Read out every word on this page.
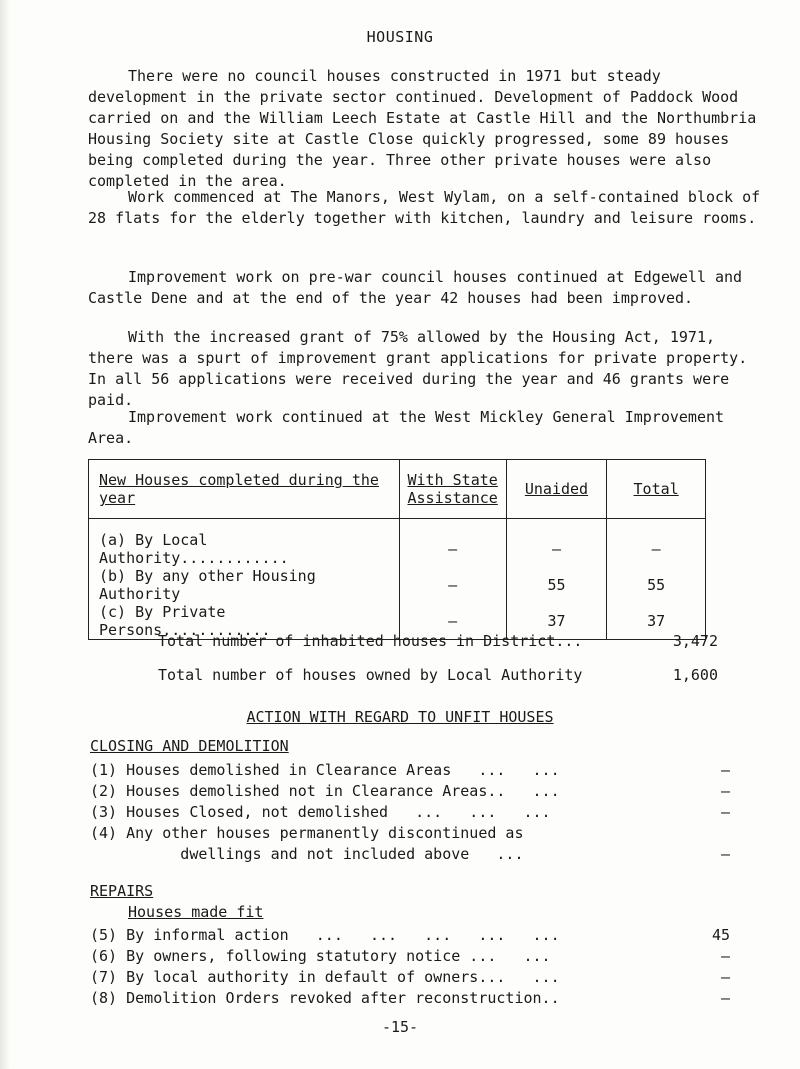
HOUSING

There were no council houses constructed in 1971 but steady development in the private sector continued. Development of Paddock Wood carried on and the William Leech Estate at Castle Hill and the Northumbria Housing Society site at Castle Close quickly progressed, some 89 houses being completed during the year. Three other private houses were also completed in the area.

Work commenced at The Manors, West Wylam, on a self-contained block of 28 flats for the elderly together with kitchen, laundry and leisure rooms.

Improvement work on pre-war council houses continued at Edgewell and Castle Dene and at the end of the year 42 houses had been improved.

With the increased grant of 75% allowed by the Housing Act, 1971, there was a spurt of improvement grant applications for private property. In all 56 applications were received during the year and 46 grants were paid.

Improvement work continued at the West Mickley General Improvement Area.

New Houses completed during the year	With State Assistance	Unaided	Total
(a) By Local Authority............	–	–	–
(b) By any other Housing Authority	–	55	55
(c) By Private Persons............	–	37	37
Total number of inhabited houses in District...	3,472
Total number of houses owned by Local Authority	1,600
ACTION WITH REGARD TO UNFIT HOUSES
CLOSING AND DEMOLITION
(1) Houses demolished in Clearance Areas   ...   ...	—
(2) Houses demolished not in Clearance Areas..   ...	—
(3) Houses Closed, not demolished   ...   ...   ...	—
(4) Any other houses permanently discontinued as
dwellings and not included above   ...	—
REPAIRS
Houses made fit
(5) By informal action   ...   ...   ...   ...   ...	45
(6) By owners, following statutory notice ...   ...	—
(7) By local authority in default of owners...   ...	—
(8) Demolition Orders revoked after reconstruction..	—
-15-
